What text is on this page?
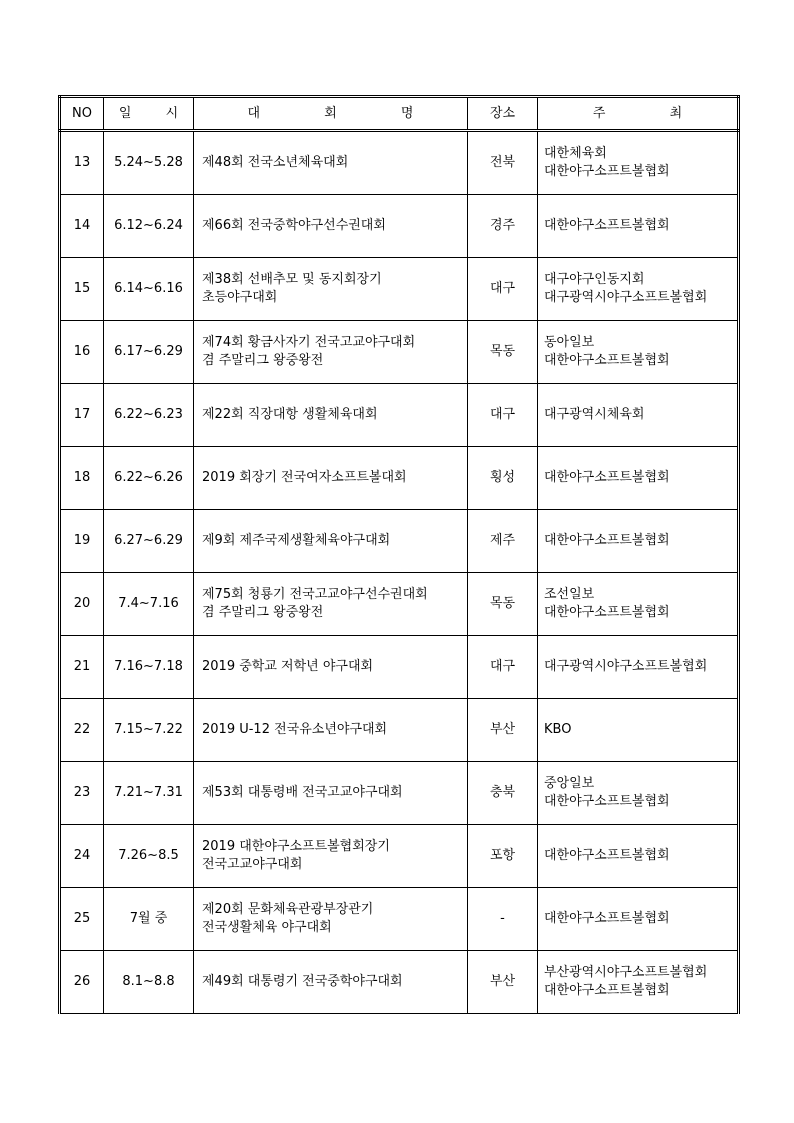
NO	일 시	대 회 명	장소	주 최
13	5.24~5.28	제48회 전국소년체육대회	전북	대한체육회
대한야구소프트볼협회

14	6.12~6.24	제66회 전국중학야구선수권대회	경주	대한야구소프트볼협회

15	6.14~6.16	제38회 선배추모 및 동지회장기
초등야구대회	대구	대구야구인동지회
대구광역시야구소프트볼협회

16	6.17~6.29	제74회 황금사자기 전국고교야구대회
겸 주말리그 왕중왕전	목동	동아일보
대한야구소프트볼협회

17	6.22~6.23	제22회 직장대항 생활체육대회	대구	대구광역시체육회

18	6.22~6.26	2019 회장기 전국여자소프트볼대회	횡성	대한야구소프트볼협회

19	6.27~6.29	제9회 제주국제생활체육야구대회	제주	대한야구소프트볼협회

20	7.4~7.16	제75회 청룡기 전국고교야구선수권대회
겸 주말리그 왕중왕전	목동	조선일보
대한야구소프트볼협회

21	7.16~7.18	2019 중학교 저학년 야구대회	대구	대구광역시야구소프트볼협회

22	7.15~7.22	2019 U-12 전국유소년야구대회	부산	KBO

23	7.21~7.31	제53회 대통령배 전국고교야구대회	충북	중앙일보
대한야구소프트볼협회

24	7.26~8.5	2019 대한야구소프트볼협회장기
전국고교야구대회	포항	대한야구소프트볼협회

25	7월 중	제20회 문화체육관광부장관기
전국생활체육 야구대회	-	대한야구소프트볼협회

26	8.1~8.8	제49회 대통령기 전국중학야구대회	부산	부산광역시야구소프트볼협회
대한야구소프트볼협회
